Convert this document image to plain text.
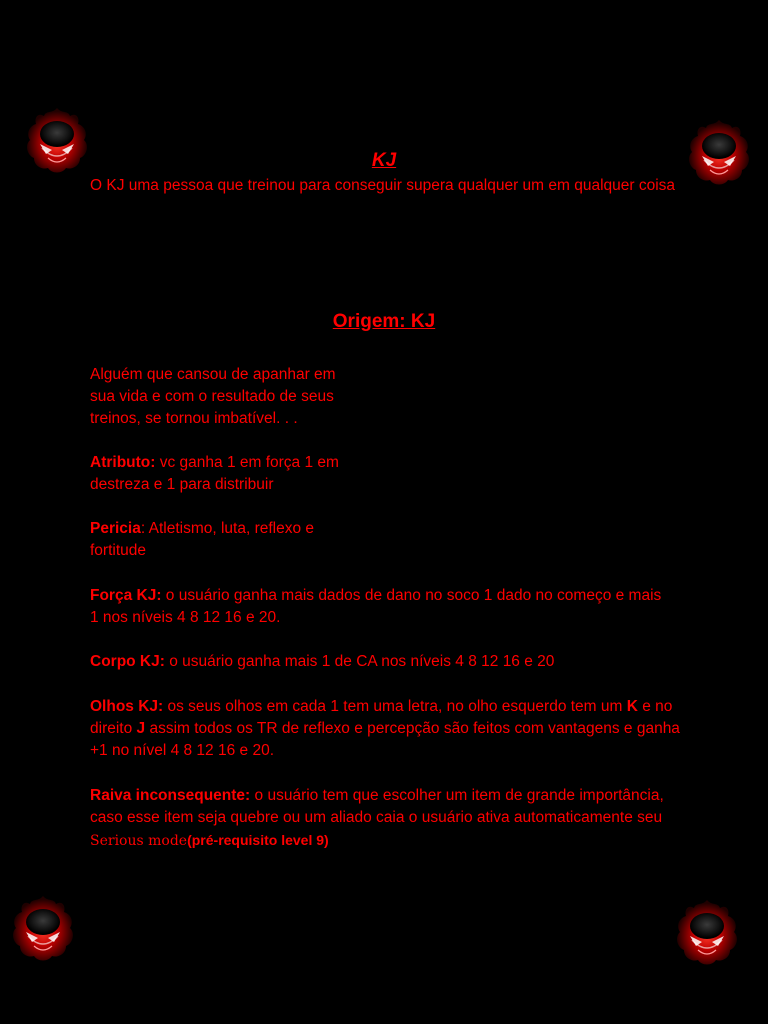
KJ

O KJ uma pessoa que treinou para conseguir supera qualquer um em qualquer coisa

Origem: KJ

Alguém que cansou de apanhar em sua vida e com o resultado de seus treinos, se tornou imbatível. . .

Atributo: vc ganha 1 em força 1 em destreza e 1 para distribuir

Pericia: Atletismo, luta, reflexo e fortitude

Força KJ: o usuário ganha mais dados de dano no soco 1 dado no começo e mais 1 nos níveis 4 8 12 16 e 20.

Corpo KJ: o usuário ganha mais 1 de CA nos níveis 4 8 12 16 e 20

Olhos KJ: os seus olhos em cada 1 tem uma letra, no olho esquerdo tem um K e no direito J assim todos os TR de reflexo e percepção são feitos com vantagens e ganha +1 no nível 4 8 12 16 e 20.

Raiva inconsequente: o usuário tem que escolher um item de grande importância, caso esse item seja quebre ou um aliado caia o usuário ativa automaticamente seu Serious mode(pré-requisito level 9)
